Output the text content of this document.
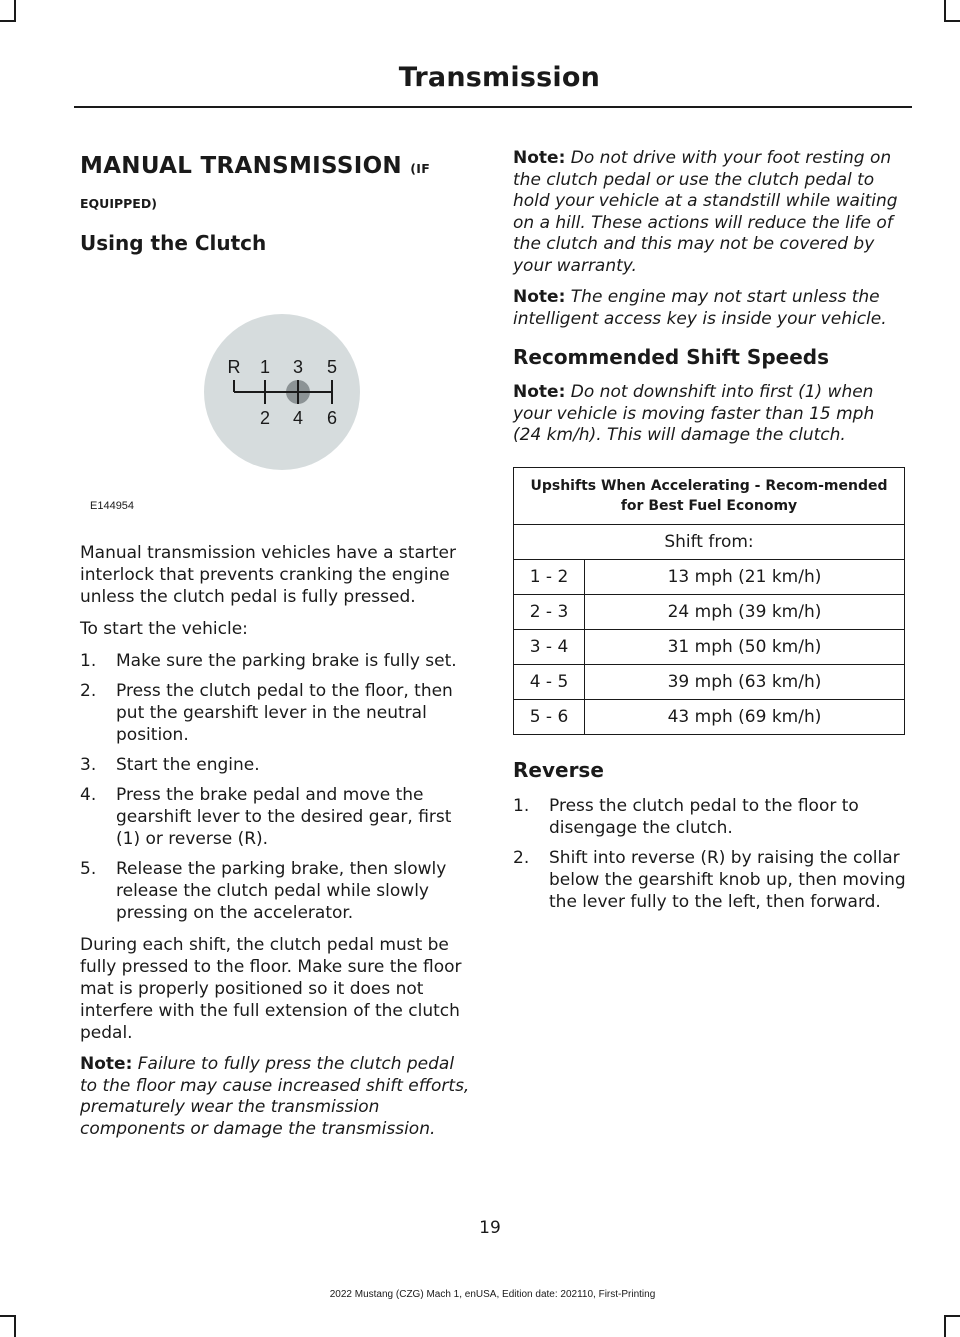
Transmission
MANUAL TRANSMISSION (IF
EQUIPPED)
Using the Clutch
R 1 3 5
2 4 6
E144954

Manual transmission vehicles have a starter interlock that prevents cranking the engine unless the clutch pedal is fully pressed.

To start the vehicle:

1. Make sure the parking brake is fully set.
2. Press the clutch pedal to the floor, then put the gearshift lever in the neutral position.
3. Start the engine.
4. Press the brake pedal and move the gearshift lever to the desired gear, first (1) or reverse (R).
5. Release the parking brake, then slowly release the clutch pedal while slowly pressing on the accelerator.

During each shift, the clutch pedal must be fully pressed to the floor. Make sure the floor mat is properly positioned so it does not interfere with the full extension of the clutch pedal.

Note: Failure to fully press the clutch pedal to the floor may cause increased shift efforts, prematurely wear the transmission components or damage the transmission.

Note: Do not drive with your foot resting on the clutch pedal or use the clutch pedal to hold your vehicle at a standstill while waiting on a hill. These actions will reduce the life of the clutch and this may not be covered by your warranty.

Note: The engine may not start unless the intelligent access key is inside your vehicle.

Recommended Shift Speeds

Note: Do not downshift into first (1) when your vehicle is moving faster than 15 mph (24 km/h). This will damage the clutch.

Upshifts When Accelerating - Recom-mended for Best Fuel Economy	
Shift from:	
1 - 2	13 mph (21 km/h)
2 - 3	24 mph (39 km/h)
3 - 4	31 mph (50 km/h)
4 - 5	39 mph (63 km/h)
5 - 6	43 mph (69 km/h)
Reverse
1. Press the clutch pedal to the floor to disengage the clutch.
2. Shift into reverse (R) by raising the collar below the gearshift knob up, then moving the lever fully to the left, then forward.
19
2022 Mustang (CZG) Mach 1, enUSA, Edition date: 202110, First-Printing
